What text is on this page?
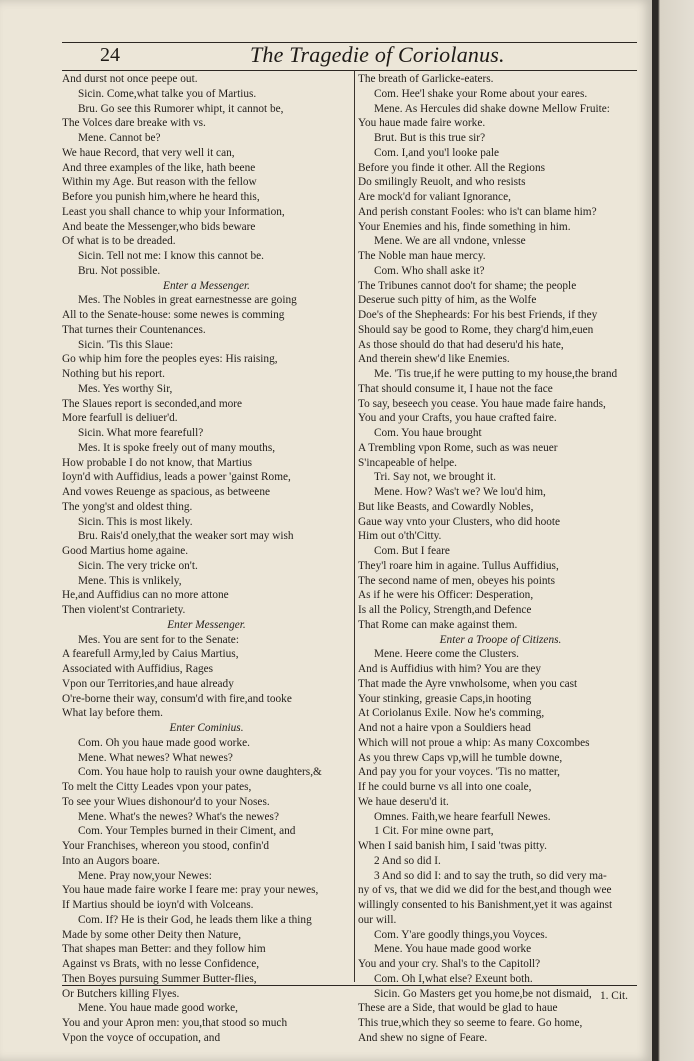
24	The Tragedie of Coriolanus.
And durst not once peepe out.
Sicin. Come,what talke you of Martius.
Bru. Go see this Rumorer whipt, it cannot be,
The Volces dare breake with vs.
Mene. Cannot be?
We haue Record, that very well it can,
And three examples of the like, hath beene
Within my Age. But reason with the fellow
Before you punish him,where he heard this,
Least you shall chance to whip your Information,
And beate the Messenger,who bids beware
Of what is to be dreaded.
Sicin. Tell not me: I know this cannot be.
Bru. Not possible.
Enter a Messenger.
Mes. The Nobles in great earnestnesse are going
All to the Senate-house: some newes is comming
That turnes their Countenances.
Sicin. 'Tis this Slaue:
Go whip him fore the peoples eyes: His raising,
Nothing but his report.
Mes. Yes worthy Sir,
The Slaues report is seconded,and more
More fearfull is deliuer'd.
Sicin. What more fearefull?
Mes. It is spoke freely out of many mouths,
How probable I do not know, that Martius
Ioyn'd with Auffidius, leads a power 'gainst Rome,
And vowes Reuenge as spacious, as betweene
The yong'st and oldest thing.
Sicin. This is most likely.
Bru. Rais'd onely,that the weaker sort may wish
Good Martius home againe.
Sicin. The very tricke on't.
Mene. This is vnlikely,
He,and Auffidius can no more attone
Then violent'st Contrariety.
Enter Messenger.
Mes. You are sent for to the Senate:
A fearefull Army,led by Caius Martius,
Associated with Auffidius, Rages
Vpon our Territories,and haue already
O're-borne their way, consum'd with fire,and tooke
What lay before them.
Enter Cominius.
Com. Oh you haue made good worke.
Mene. What newes? What newes?
Com. You haue holp to rauish your owne daughters,&
To melt the Citty Leades vpon your pates,
To see your Wiues dishonour'd to your Noses.
Mene. What's the newes? What's the newes?
Com. Your Temples burned in their Ciment, and
Your Franchises, whereon you stood, confin'd
Into an Augors boare.
Mene. Pray now,your Newes:
You haue made faire worke I feare me: pray your newes,
If Martius should be ioyn'd with Volceans.
Com. If? He is their God, he leads them like a thing
Made by some other Deity then Nature,
That shapes man Better: and they follow him
Against vs Brats, with no lesse Confidence,
Then Boyes pursuing Summer Butter-flies,
Or Butchers killing Flyes.
Mene. You haue made good worke,
You and your Apron men: you,that stood so much
Vpon the voyce of occupation, and
The breath of Garlicke-eaters.
Com. Hee'l shake your Rome about your eares.
Mene. As Hercules did shake downe Mellow Fruite:
You haue made faire worke.
Brut. But is this true sir?
Com. I,and you'l looke pale
Before you finde it other. All the Regions
Do smilingly Reuolt, and who resists
Are mock'd for valiant Ignorance,
And perish constant Fooles: who is't can blame him?
Your Enemies and his, finde something in him.
Mene. We are all vndone, vnlesse
The Noble man haue mercy.
Com. Who shall aske it?
The Tribunes cannot doo't for shame; the people
Deserue such pitty of him, as the Wolfe
Doe's of the Shepheards: For his best Friends, if they
Should say be good to Rome, they charg'd him,euen
As those should do that had deseru'd his hate,
And therein shew'd like Enemies.
Me. 'Tis true,if he were putting to my house,the brand
That should consume it, I haue not the face
To say, beseech you cease. You haue made faire hands,
You and your Crafts, you haue crafted faire.
Com. You haue brought
A Trembling vpon Rome, such as was neuer
S'incapeable of helpe.
Tri. Say not, we brought it.
Mene. How? Was't we? We lou'd him,
But like Beasts, and Cowardly Nobles,
Gaue way vnto your Clusters, who did hoote
Him out o'th'Citty.
Com. But I feare
They'l roare him in againe. Tullus Auffidius,
The second name of men, obeyes his points
As if he were his Officer: Desperation,
Is all the Policy, Strength,and Defence
That Rome can make against them.
Enter a Troope of Citizens.
Mene. Heere come the Clusters.
And is Auffidius with him? You are they
That made the Ayre vnwholsome, when you cast
Your stinking, greasie Caps,in hooting
At Coriolanus Exile. Now he's comming,
And not a haire vpon a Souldiers head
Which will not proue a whip: As many Coxcombes
As you threw Caps vp,will he tumble downe,
And pay you for your voyces. 'Tis no matter,
If he could burne vs all into one coale,
We haue deseru'd it.
Omnes. Faith,we heare fearfull Newes.
1 Cit. For mine owne part,
When I said banish him, I said 'twas pitty.
2 And so did I.
3 And so did I: and to say the truth, so did very ma-
ny of vs, that we did we did for the best,and though wee
willingly consented to his Banishment,yet it was against
our will.
Com. Y'are goodly things,you Voyces.
Mene. You haue made good worke
You and your cry. Shal's to the Capitoll?
Com. Oh I,what else? Exeunt both.
Sicin. Go Masters get you home,be not dismaid,
These are a Side, that would be glad to haue
This true,which they so seeme to feare. Go home,
And shew no signe of Feare.
1. Cit.
